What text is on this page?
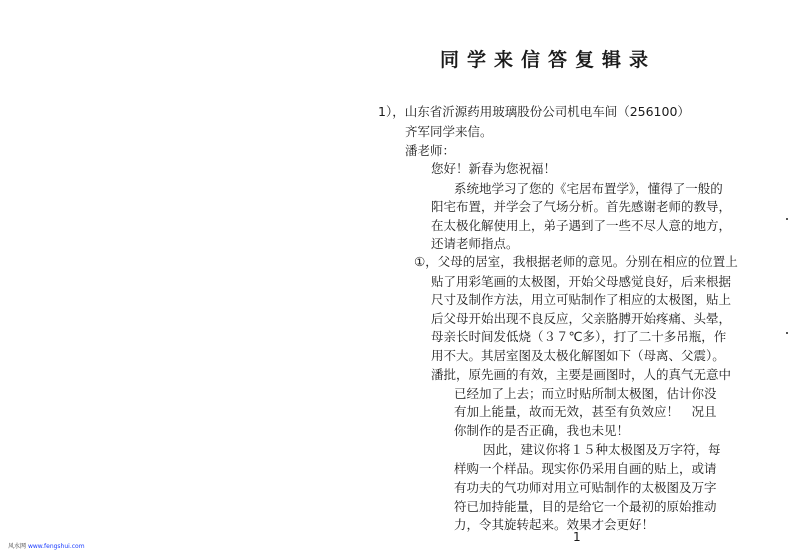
同学来信答复辑录
1），山东省沂源药用玻璃股份公司机电车间（256100）
齐军同学来信。
潘老师：
您好！新春为您祝福！
系统地学习了您的《宅居布置学》，懂得了一般的
阳宅布置，并学会了气场分析。首先感谢老师的教导，
在太极化解使用上，弟子遇到了一些不尽人意的地方，
还请老师指点。
①，父母的居室，我根据老师的意见。分别在相应的位置上
贴了用彩笔画的太极图，开始父母感觉良好，后来根据
尺寸及制作方法，用立可贴制作了相应的太极图，贴上
后父母开始出现不良反应，父亲胳膊开始疼痛、头晕，
母亲长时间发低烧（３７℃多），打了二十多吊瓶，作
用不大。其居室图及太极化解图如下（母离、父震）。
潘批，原先画的有效，主要是画图时，人的真气无意中
已经加了上去；而立时贴所制太极图，估计你没
有加上能量，故而无效，甚至有负效应！　况且
你制作的是否正确，我也未见！
因此，建议你将１５种太极图及万字符，每
样购一个样品。现实你仍采用自画的贴上，或请
有功夫的气功师对用立可贴制作的太极图及万字
符已加持能量，目的是给它一个最初的原始推动
力，令其旋转起来。效果才会更好！
1
风水网 www.fengshui.com
